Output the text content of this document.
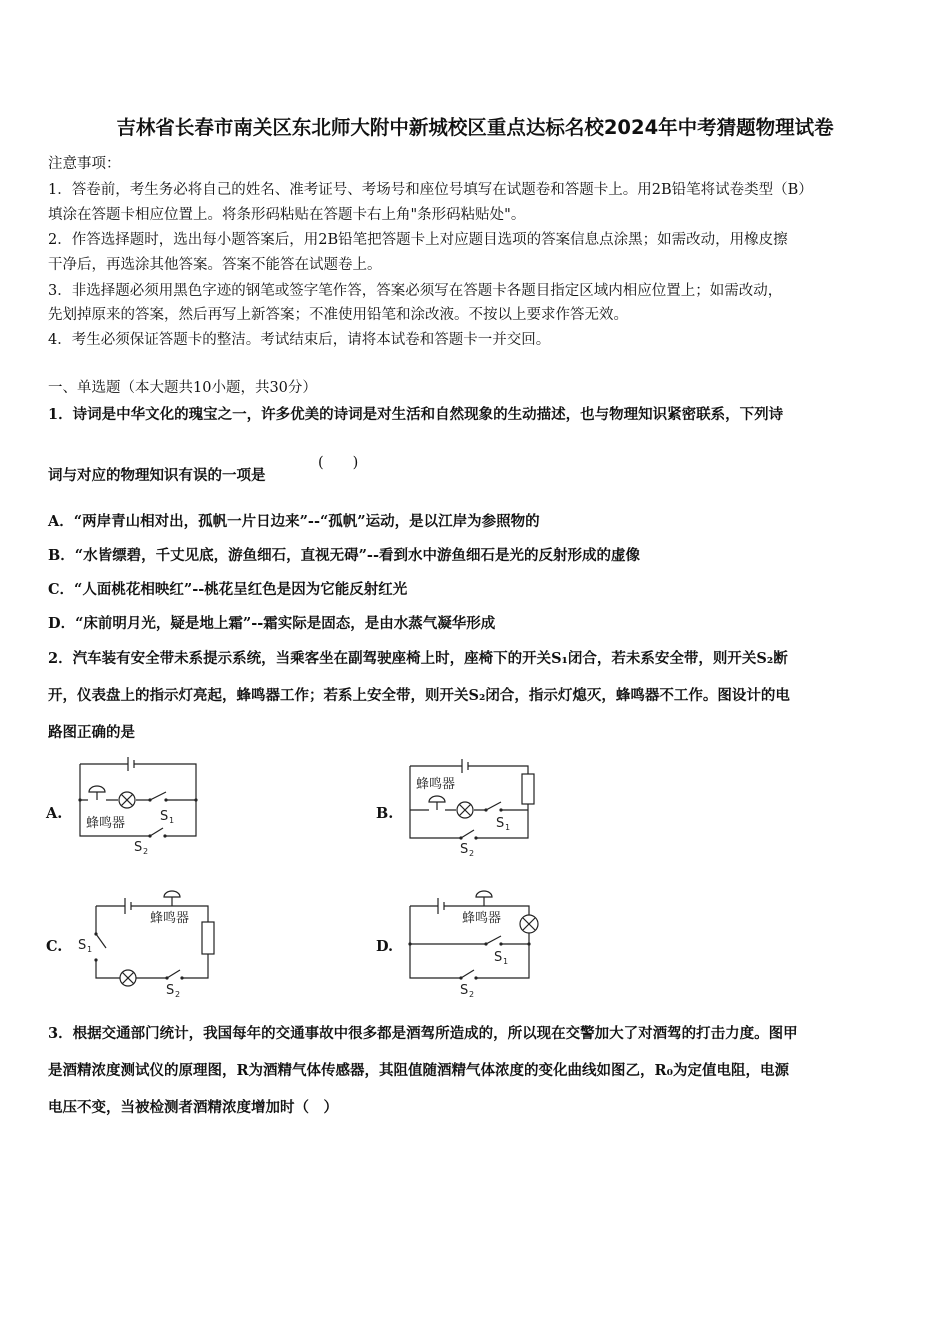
吉林省长春市南关区东北师大附中新城校区重点达标名校2024年中考猜题物理试卷
注意事项：
1．答卷前，考生务必将自己的姓名、准考证号、考场号和座位号填写在试题卷和答题卡上。用2B铅笔将试卷类型（B）
填涂在答题卡相应位置上。将条形码粘贴在答题卡右上角"条形码粘贴处"。
2．作答选择题时，选出每小题答案后，用2B铅笔把答题卡上对应题目选项的答案信息点涂黑；如需改动，用橡皮擦
干净后，再选涂其他答案。答案不能答在试题卷上。
3．非选择题必须用黑色字迹的钢笔或签字笔作答，答案必须写在答题卡各题目指定区域内相应位置上；如需改动，
先划掉原来的答案，然后再写上新答案；不准使用铅笔和涂改液。不按以上要求作答无效。
4．考生必须保证答题卡的整洁。考试结束后，请将本试卷和答题卡一并交回。
一、单选题（本大题共10小题，共30分）
1．诗词是中华文化的瑰宝之一，许多优美的诗词是对生活和自然现象的生动描述，也与物理知识紧密联系，下列诗
词与对应的物理知识有误的一项是
(　　)
A．“两岸青山相对出，孤帆一片日边来”--“孤帆”运动，是以江岸为参照物的
B．“水皆缥碧，千丈见底，游鱼细石，直视无碍”--看到水中游鱼细石是光的反射形成的虚像
C．“人面桃花相映红”--桃花呈红色是因为它能反射红光
D．“床前明月光，疑是地上霜”--霜实际是固态，是由水蒸气凝华形成
2．汽车装有安全带未系提示系统，当乘客坐在副驾驶座椅上时，座椅下的开关S₁闭合，若未系安全带，则开关S₂断
开，仪表盘上的指示灯亮起，蜂鸣器工作；若系上安全带，则开关S₂闭合，指示灯熄灭，蜂鸣器不工作。图设计的电
路图正确的是
A.	B.
C.	D.
蜂鸣器	S 1
S 2
蜂鸣器
S 1
S 2
蜂鸣器
S 1
S 2
蜂鸣器
S 1
S 2
3．根据交通部门统计，我国每年的交通事故中很多都是酒驾所造成的，所以现在交警加大了对酒驾的打击力度。图甲
是酒精浓度测试仪的原理图，R为酒精气体传感器，其阻值随酒精气体浓度的变化曲线如图乙，R₀为定值电阻，电源
电压不变，当被检测者酒精浓度增加时（　）
